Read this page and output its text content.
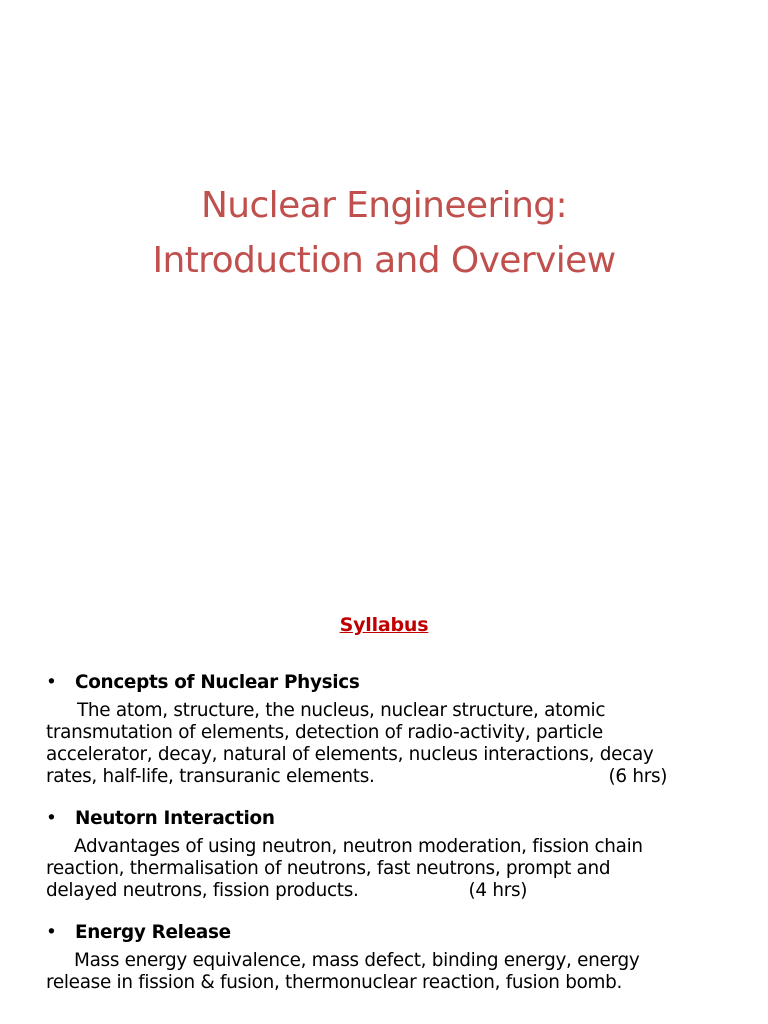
Nuclear Engineering:
Introduction and Overview
Syllabus
•	Concepts of Nuclear Physics
The atom, structure, the nucleus, nuclear structure, atomic
transmutation of elements, detection of radio-activity, particle
accelerator, decay, natural of elements, nucleus interactions, decay
rates, half-life, transuranic elements.	(6 hrs)
•	Neutorn Interaction
Advantages of using neutron, neutron moderation, fission chain
reaction, thermalisation of neutrons, fast neutrons, prompt and
delayed neutrons, fission products.	(4 hrs)
•	Energy Release
Mass energy equivalence, mass defect, binding energy, energy
release in fission & fusion, thermonuclear reaction, fusion bomb.
